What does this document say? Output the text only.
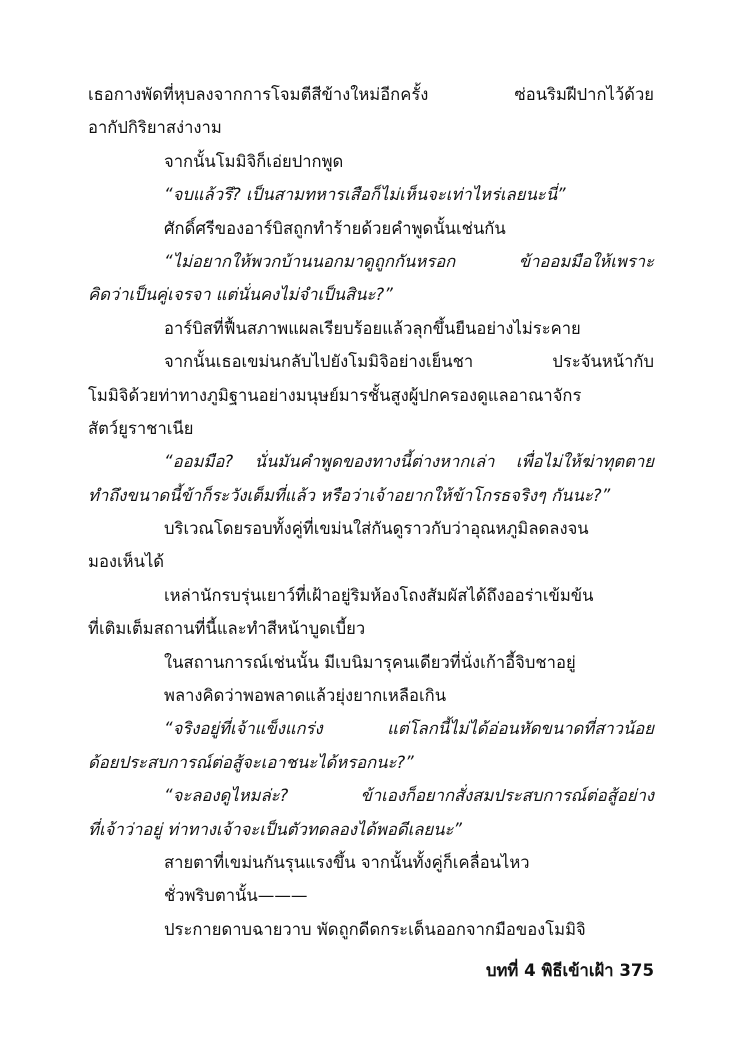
เธอกางพัดที่หุบลงจากการโจมตีสีข้างใหม่อีกครั้ง ซ่อนริมฝีปากไว้ด้วย
อากัปกิริยาสง่างาม
จากนั้นโมมิจิก็เอ่ยปากพูด
“จบแล้วรึ? เป็นสามทหารเสือก็ไม่เห็นจะเท่าไหร่เลยนะนี่”
ศักดิ์ศรีของอาร์บิสถูกทำร้ายด้วยคำพูดนั้นเช่นกัน
“ไม่อยากให้พวกบ้านนอกมาดูถูกกันหรอก ข้าออมมือให้เพราะ
คิดว่าเป็นคู่เจรจา แต่นั่นคงไม่จำเป็นสินะ?”
อาร์บิสที่ฟื้นสภาพแผลเรียบร้อยแล้วลุกขึ้นยืนอย่างไม่ระคาย
จากนั้นเธอเขม่นกลับไปยังโมมิจิอย่างเย็นชา ประจันหน้ากับ
โมมิจิด้วยท่าทางภูมิฐานอย่างมนุษย์มารชั้นสูงผู้ปกครองดูแลอาณาจักร
สัตว์ยูราชาเนีย
“ออมมือ? นั่นมันคำพูดของทางนี้ต่างหากเล่า เพื่อไม่ให้ฆ่าทุตตาย
ทำถึงขนาดนี้ข้าก็ระวังเต็มที่แล้ว หรือว่าเจ้าอยากให้ข้าโกรธจริงๆ กันนะ?”
บริเวณโดยรอบทั้งคู่ที่เขม่นใส่กันดูราวกับว่าอุณหภูมิลดลงจน
มองเห็นได้
เหล่านักรบรุ่นเยาว์ที่เฝ้าอยู่ริมห้องโถงสัมผัสได้ถึงออร่าเข้มข้น
ที่เติมเต็มสถานที่นี้และทำสีหน้าบูดเบี้ยว
ในสถานการณ์เช่นนั้น มีเบนิมารุคนเดียวที่นั่งเก้าอี้จิบชาอยู่
พลางคิดว่าพอพลาดแล้วยุ่งยากเหลือเกิน
“จริงอยู่ที่เจ้าแข็งแกร่ง แต่โลกนี้ไม่ได้อ่อนหัดขนาดที่สาวน้อย
ด้อยประสบการณ์ต่อสู้จะเอาชนะได้หรอกนะ?”
“จะลองดูไหมล่ะ? ข้าเองก็อยากสั่งสมประสบการณ์ต่อสู้อย่าง
ที่เจ้าว่าอยู่ ท่าทางเจ้าจะเป็นตัวทดลองได้พอดีเลยนะ”
สายตาที่เขม่นกันรุนแรงขึ้น จากนั้นทั้งคู่ก็เคลื่อนไหว
ชั่วพริบตานั้น———
ประกายดาบฉายวาบ พัดถูกดีดกระเด็นออกจากมือของโมมิจิ
บทที่ 4 พิธีเข้าเฝ้า 375
